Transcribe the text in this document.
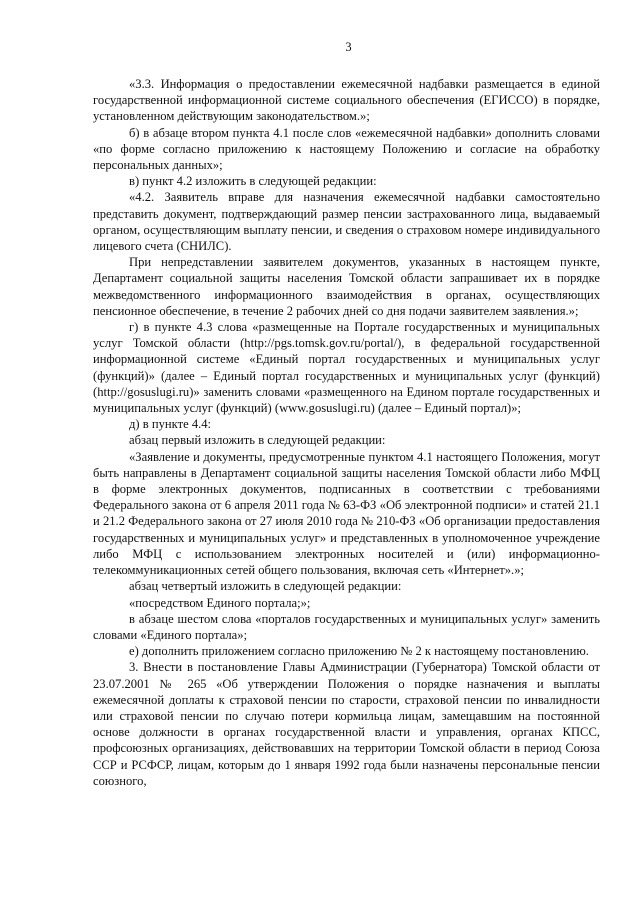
3

«3.3. Информация о предоставлении ежемесячной надбавки размещается в единой государственной информационной системе социального обеспечения (ЕГИССО) в порядке, установленном действующим законодательством.»;

б) в абзаце втором пункта 4.1 после слов «ежемесячной надбавки» дополнить словами «по форме согласно приложению к настоящему Положению и согласие на обработку персональных данных»;

в) пункт 4.2 изложить в следующей редакции:

«4.2. Заявитель вправе для назначения ежемесячной надбавки самостоятельно представить документ, подтверждающий размер пенсии застрахованного лица, выдаваемый органом, осуществляющим выплату пенсии, и сведения о страховом номере индивидуального лицевого счета (СНИЛС).

При непредставлении заявителем документов, указанных в настоящем пункте, Департамент социальной защиты населения Томской области запрашивает их в порядке межведомственного информационного взаимодействия в органах, осуществляющих пенсионное обеспечение, в течение 2 рабочих дней со дня подачи заявителем заявления.»;

г) в пункте 4.3 слова «размещенные на Портале государственных и муниципальных услуг Томской области (http://pgs.tomsk.gov.ru/portal/), в федеральной государственной информационной системе «Единый портал государственных и муниципальных услуг (функций)» (далее – Единый портал государственных и муниципальных услуг (функций) (http://gosuslugi.ru)» заменить словами «размещенного на Едином портале государственных и муниципальных услуг (функций) (www.gosuslugi.ru) (далее – Единый портал)»;

д) в пункте 4.4:

абзац первый изложить в следующей редакции:

«Заявление и документы, предусмотренные пунктом 4.1 настоящего Положения, могут быть направлены в Департамент социальной защиты населения Томской области либо МФЦ в форме электронных документов, подписанных в соответствии с требованиями Федерального закона от 6 апреля 2011 года № 63-ФЗ «Об электронной подписи» и статей 21.1 и 21.2 Федерального закона от 27 июля 2010 года № 210-ФЗ «Об организации предоставления государственных и муниципальных услуг» и представленных в уполномоченное учреждение либо МФЦ с использованием электронных носителей и (или) информационно-телекоммуникационных сетей общего пользования, включая сеть «Интернет».»;

абзац четвертый изложить в следующей редакции:

«посредством Единого портала;»;

в абзаце шестом слова «порталов государственных и муниципальных услуг» заменить словами «Единого портала»;

е) дополнить приложением согласно приложению № 2 к настоящему постановлению.

3. Внести в постановление Главы Администрации (Губернатора) Томской области от 23.07.2001 № 265 «Об утверждении Положения о порядке назначения и выплаты ежемесячной доплаты к страховой пенсии по старости, страховой пенсии по инвалидности или страховой пенсии по случаю потери кормильца лицам, замещавшим на постоянной основе должности в органах государственной власти и управления, органах КПСС, профсоюзных организациях, действовавших на территории Томской области в период Союза ССР и РСФСР, лицам, которым до 1 января 1992 года были назначены персональные пенсии союзного,
